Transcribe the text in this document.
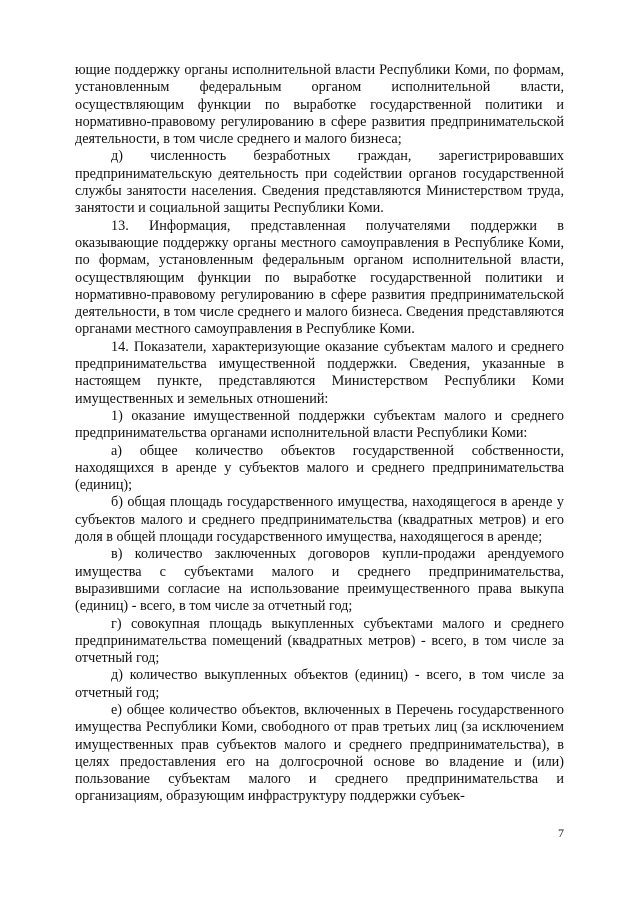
ющие поддержку органы исполнительной власти Республики Коми, по формам, установленным федеральным органом исполнительной власти, осуществляющим функции по выработке государственной политики и нормативно-правовому регулированию в сфере развития предпринимательской деятельности, в том числе среднего и малого бизнеса;

д) численность безработных граждан, зарегистрировавших предпринимательскую деятельность при содействии органов государственной службы занятости населения. Сведения представляются Министерством труда, занятости и социальной защиты Республики Коми.

13. Информация, представленная получателями поддержки в оказывающие поддержку органы местного самоуправления в Республике Коми, по формам, установленным федеральным органом исполнительной власти, осуществляющим функции по выработке государственной политики и нормативно-правовому регулированию в сфере развития предпринимательской деятельности, в том числе среднего и малого бизнеса. Сведения представляются органами местного самоуправления в Республике Коми.

14. Показатели, характеризующие оказание субъектам малого и среднего предпринимательства имущественной поддержки. Сведения, указанные в настоящем пункте, представляются Министерством Республики Коми имущественных и земельных отношений:

1) оказание имущественной поддержки субъектам малого и среднего предпринимательства органами исполнительной власти Республики Коми:

а) общее количество объектов государственной собственности, находящихся в аренде у субъектов малого и среднего предпринимательства (единиц);

б) общая площадь государственного имущества, находящегося в аренде у субъектов малого и среднего предпринимательства (квадратных метров) и его доля в общей площади государственного имущества, находящегося в аренде;

в) количество заключенных договоров купли-продажи арендуемого имущества с субъектами малого и среднего предпринимательства, выразившими согласие на использование преимущественного права выкупа (единиц) - всего, в том числе за отчетный год;

г) совокупная площадь выкупленных субъектами малого и среднего предпринимательства помещений (квадратных метров) - всего, в том числе за отчетный год;

д) количество выкупленных объектов (единиц) - всего, в том числе за отчетный год;

е) общее количество объектов, включенных в Перечень государственного имущества Республики Коми, свободного от прав третьих лиц (за исключением имущественных прав субъектов малого и среднего предпринимательства), в целях предоставления его на долгосрочной основе во владение и (или) пользование субъектам малого и среднего предпринимательства и организациям, образующим инфраструктуру поддержки субъек-

7
